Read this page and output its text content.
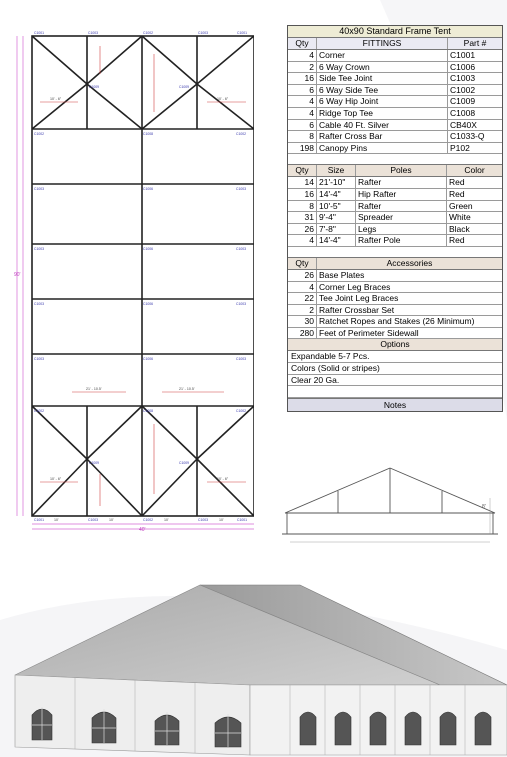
90'
40'
10' - 6"	10' - 6"
21' - 10.5'	21' - 10.5'
10' - 6"	10' - 6"
10'	10'	10'	10'
C1001	C1003	C1002	C1003	C1001
C1009	C1009
C1002	C1008	C1002
C1003	C1006	C1003
C1003	C1006	C1003
C1003	C1006	C1003
C1003	C1006	C1003
C1002	C1008	C1002
C1009	C1009
C1001	C1003	C1002	C1003	C1001
40x90 Standard Frame Tent
Qty	FITTINGS	Part #
4 Corner	C1001
2 6 Way Crown	C1006
16 Side Tee Joint	C1003
6 6 Way Side Tee	C1002
4 6 Way Hip Joint	C1009
4 Ridge Top Tee	C1008
6 Cable 40 Ft. Silver	CB40X
8 Rafter Cross Bar	C1033-Q
198 Canopy Pins	P102
Qty	Size	Poles	Color
14 21'-10"	Rafter	Red
16 14'-4"	Hip Rafter	Red
8 10'-5"	Rafter	Green
31 9'-4"	Spreader	White
26 7'-8"	Legs	Black
4 14'-4"	Rafter Pole	Red
Qty	Accessories
26 Base Plates
4 Corner Leg Braces
22 Tee Joint Leg Braces
2 Rafter Crossbar Set
30 Ratchet Ropes and Stakes (26 Minimum)
280 Feet of Perimeter Sidewall
Options
Expandable 5-7 Pcs.
Colors (Solid or stripes)
Clear 20 Ga.
Notes
8'
